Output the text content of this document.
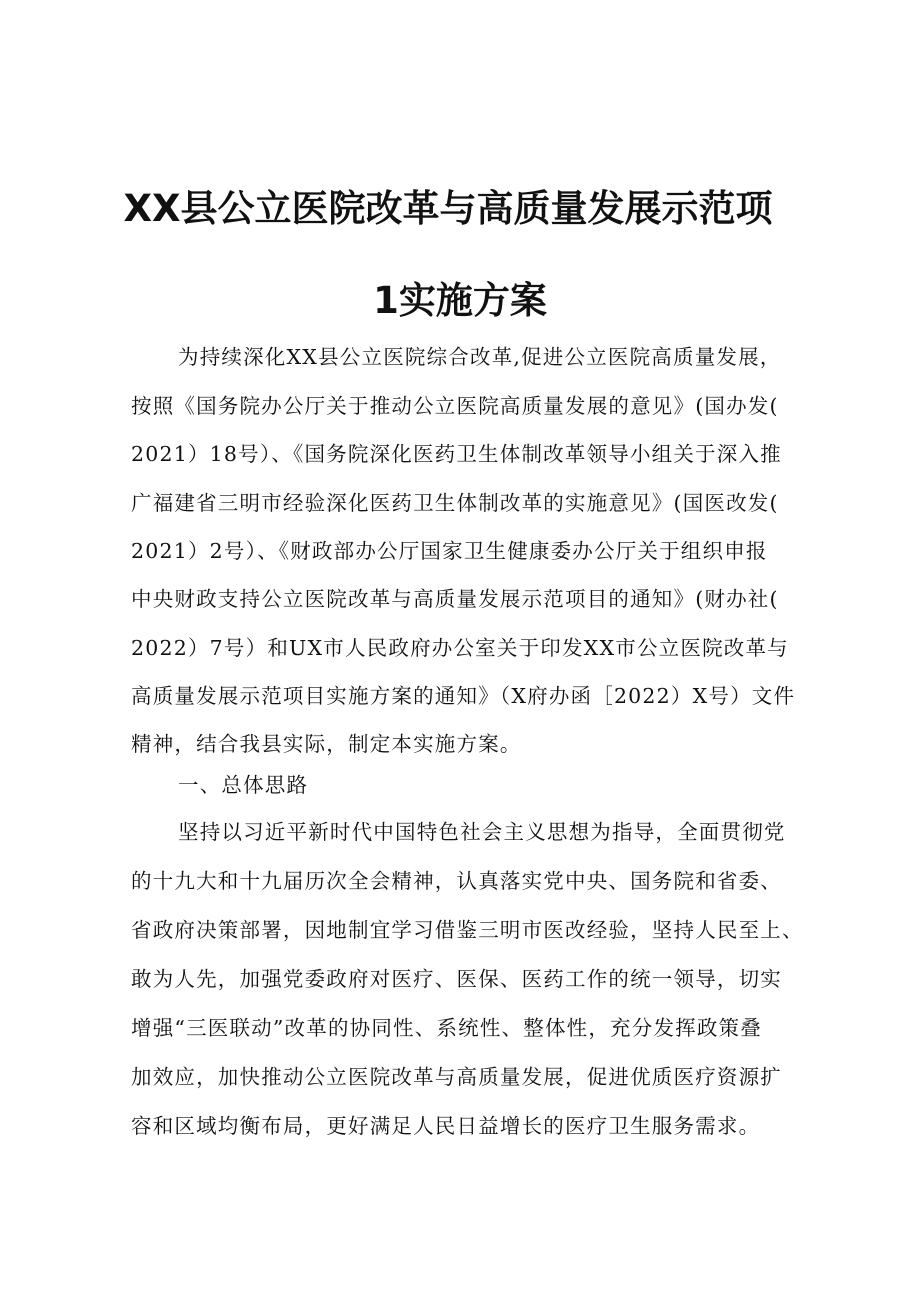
XX县公立医院改革与高质量发展示范项
1实施方案
为持续深化XX县公立医院综合改革,促进公立医院高质量发展，
按照《国务院办公厅关于推动公立医院高质量发展的意见》(国办发(
2021）18号）、《国务院深化医药卫生体制改革领导小组关于深入推
广福建省三明市经验深化医药卫生体制改革的实施意见》(国医改发(
2021）2号）、《财政部办公厅国家卫生健康委办公厅关于组织申报
中央财政支持公立医院改革与高质量发展示范项目的通知》(财办社(
2022）7号）和UX市人民政府办公室关于印发XX市公立医院改革与
高质量发展示范项目实施方案的通知》（X府办函［2022）X号）文件
精神，结合我县实际，制定本实施方案。
一、总体思路
坚持以习近平新时代中国特色社会主义思想为指导，全面贯彻党
的十九大和十九届历次全会精神，认真落实党中央、国务院和省委、
省政府决策部署，因地制宜学习借鉴三明市医改经验，坚持人民至上、
敢为人先，加强党委政府对医疗、医保、医药工作的统一领导，切实
增强“三医联动”改革的协同性、系统性、整体性，充分发挥政策叠
加效应，加快推动公立医院改革与高质量发展，促进优质医疗资源扩
容和区域均衡布局，更好满足人民日益增长的医疗卫生服务需求。
